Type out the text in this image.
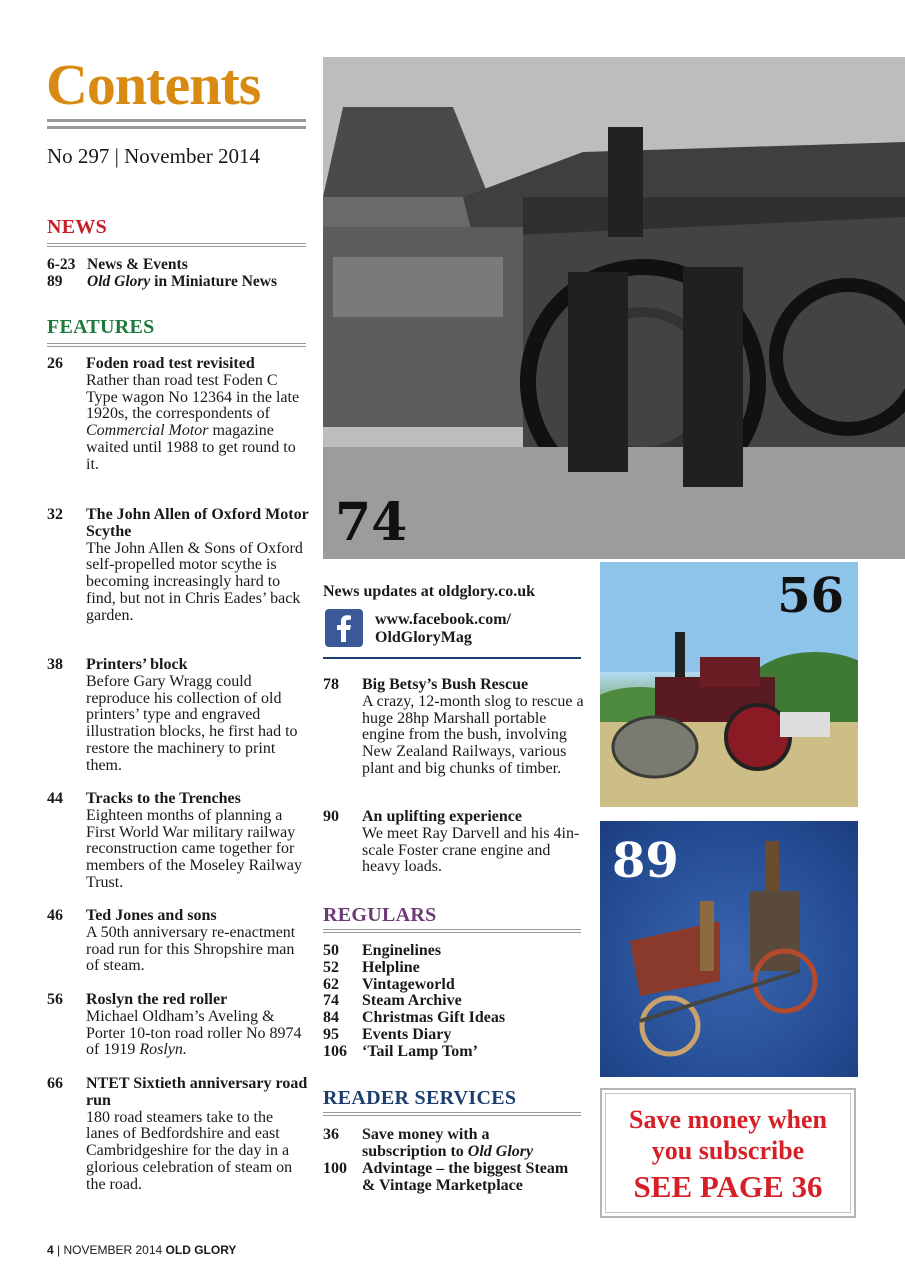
Contents
No 297 | November 2014
NEWS
6-23 News & Events
89 Old Glory in Miniature News
FEATURES
26 Foden road test revisited
Rather than road test Foden C Type wagon No 12364 in the late 1920s, the correspondents of Commercial Motor magazine waited until 1988 to get round to it.
32 The John Allen of Oxford Motor Scythe
The John Allen & Sons of Oxford self-propelled motor scythe is becoming increasingly hard to find, but not in Chris Eades’ back garden.
38 Printers’ block
Before Gary Wragg could reproduce his collection of old printers’ type and engraved illustration blocks, he first had to restore the machinery to print them.
44 Tracks to the Trenches
Eighteen months of planning a First World War military railway reconstruction came together for members of the Moseley Railway Trust.
46 Ted Jones and sons
A 50th anniversary re-enactment road run for this Shropshire man of steam.
56 Roslyn the red roller
Michael Oldham’s Aveling & Porter 10-ton road roller No 8974 of 1919 Roslyn.
66 NTET Sixtieth anniversary road run
180 road steamers take to the lanes of Bedfordshire and east Cambridgeshire for the day in a glorious celebration of steam on the road.
74
News updates at oldglory.co.uk
www.facebook.com/
OldGloryMag
78 Big Betsy’s Bush Rescue
A crazy, 12-month slog to rescue a huge 28hp Marshall portable engine from the bush, involving New Zealand Railways, various plant and big chunks of timber.
90 An uplifting experience
We meet Ray Darvell and his 4in-scale Foster crane engine and heavy loads.
REGULARS
50 Enginelines
52 Helpline
62 Vintageworld
74 Steam Archive
84 Christmas Gift Ideas
95 Events Diary
106 ‘Tail Lamp Tom’
READER SERVICES
36 Save money with a subscription to Old Glory
100 Advintage – the biggest Steam & Vintage Marketplace
56
89
Save money when
you subscribe
SEE PAGE 36
4 | NOVEMBER 2014 OLD GLORY
